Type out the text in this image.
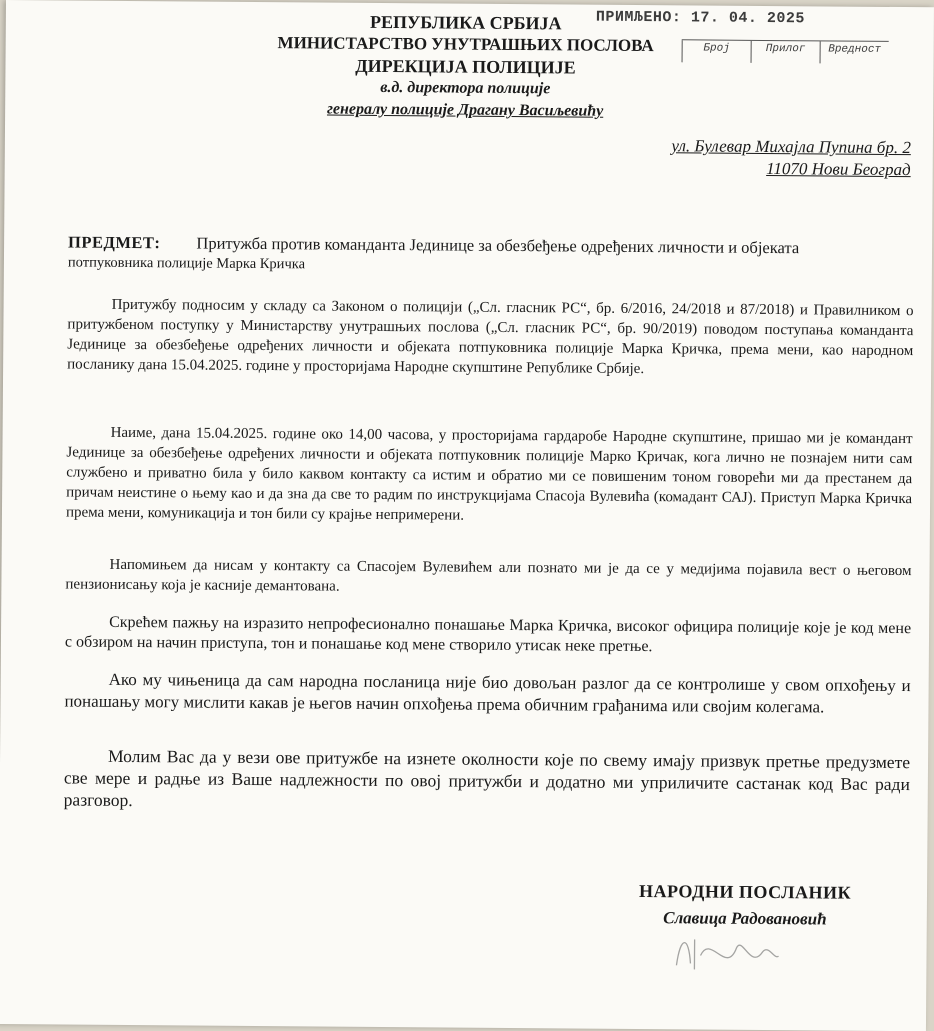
РЕПУБЛИКА СРБИЈА
МИНИСТАРСТВО УНУТРАШЊИХ ПОСЛОВА
ДИРЕКЦИЈА ПОЛИЦИЈЕ
в.д. директора полиције
генералу полиције Драгану Васиљевићу
ПРИМЉЕНО: 17. 04. 2025
Број	Прилог	Вредност
ул. Булевар Михајла Пупина бр. 2
11070 Нови Београд
ПРЕДМЕТ: Притужба против команданта Јединице за обезбеђење одређених личности и објеката
потпуковника полиције Марка Кричка
Притужбу подносим у складу са Законом о полицији („Сл. гласник РС“, бр. 6/2016, 24/2018 и 87/2018) и Правилником о притужбеном поступку у Министарству унутрашњих послова („Сл. гласник РС“, бр. 90/2019) поводом поступања команданта Јединице за обезбеђење одређених личности и објеката потпуковника полиције Марка Кричка, према мени, као народном посланику дана 15.04.2025. године у просторијама Народне скупштине Републике Србије.
Наиме, дана 15.04.2025. године око 14,00 часова, у просторијама гардаробе Народне скупштине, пришао ми је командант Јединице за обезбеђење одређених личности и објеката потпуковник полиције Марко Кричак, кога лично не познајем нити сам службено и приватно била у било каквом контакту са истим и обратио ми се повишеним тоном говорећи ми да престанем да причам неистине о њему као и да зна да све то радим по инструкцијама Спасоја Вулевића (комадант САЈ). Приступ Марка Кричка према мени, комуникација и тон били су крајње непримерени.
Напомињем да нисам у контакту са Спасојем Вулевићем али познато ми је да се у медијима појавила вест о његовом пензионисању која је касније демантована.
Скрећем пажњу на изразито непрофесионално понашање Марка Кричка, високог официра полиције које је код мене с обзиром на начин приступа, тон и понашање код мене створило утисак неке претње.
Ако му чињеница да сам народна посланица није био довољан разлог да се контролише у свом опхођењу и понашању могу мислити какав је његов начин опхођења према обичним грађанима или својим колегама.
Молим Вас да у вези ове притужбе на изнете околности које по свему имају призвук претње предузмете све мере и радње из Ваше надлежности по овој притужби и додатно ми уприличите састанак код Вас ради разговор.
НАРОДНИ ПОСЛАНИК
Славица Радовановић
